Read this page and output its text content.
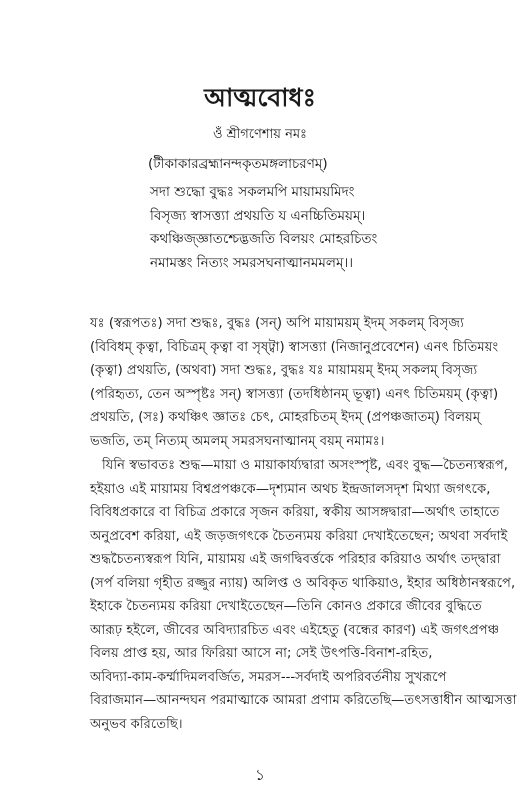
আত্মবোধঃ
ওঁ শ্রীগণেশায় নমঃ
(টীকাকারব্রহ্মানন্দকৃতমঙ্গলাচরণম্)
সদা শুদ্ধো বুদ্ধঃ সকলমপি মায়াময়মিদং
বিসৃজ্য স্বাসত্ত্যা প্রথয়তি য এনচ্চিতিময়ম্।
কথঞ্চিজ্জ্ঞাতশ্চেদ্ভজতি বিলয়ং মোহরচিতং
নমামস্তং নিত্যং সমরসঘনাত্মানমমলম্।।
যঃ (স্বরূপতঃ) সদা শুদ্ধঃ, বুদ্ধঃ (সন্) অপি মায়াময়ম্ ইদম্ সকলম্ বিসৃজ্য
(বিবিধম্ কৃত্বা, বিচিত্রম্ কৃত্বা বা সৃষ্ট্বা) স্বাসত্ত্যা (নিজানুপ্রবেশেন) এনৎ চিতিময়ং
(কৃত্বা) প্রথয়তি, (অথবা) সদা শুদ্ধঃ, বুদ্ধঃ যঃ মায়াময়ম্ ইদম্ সকলম্ বিসৃজ্য
(পরিহৃত্য, তেন অস্পৃষ্টঃ সন্) স্বাসত্ত্যা (তদধিষ্ঠানম্ ভূত্বা) এনৎ চিতিময়ম্ (কৃত্বা)
প্রথয়তি, (সঃ) কথঞ্চিৎ জ্ঞাতঃ চেৎ, মোহরচিতম্ ইদম্ (প্রপঞ্চজাতম্) বিলয়ম্
ভজতি, তম্ নিত্যম্ অমলম্ সমরসঘনাত্মানম্ বয়ম্ নমামঃ।
যিনি স্বভাবতঃ শুদ্ধ—মায়া ও মায়াকার্য্যদ্বারা অসংস্পৃষ্ট, এবং বুদ্ধ—চৈতন্যস্বরূপ,
হইয়াও এই মায়াময় বিশ্বপ্রপঞ্চকে—দৃশ্যমান অথচ ইন্দ্রজালসদৃশ মিথ্যা জগৎকে,
বিবিধপ্রকারে বা বিচিত্র প্রকারে সৃজন করিয়া, স্বকীয় আসঙ্গদ্বারা—অর্থাৎ তাহাতে
অনুপ্রবেশ করিয়া, এই জড়জগৎকে চৈতন্যময় করিয়া দেখাইতেছেন; অথবা সর্বদাই
শুদ্ধচৈতন্যস্বরূপ যিনি, মায়াময় এই জগদ্বিবর্ত্তকে পরিহার করিয়াও অর্থাৎ তদ্দ্বারা
(সর্প বলিয়া গৃহীত রজ্জুর ন্যায়) অলিপ্ত ও অবিকৃত থাকিয়াও, ইহার অধিষ্ঠানস্বরূপে,
ইহাকে চৈতন্যময় করিয়া দেখাইতেছেন—তিনি কোনও প্রকারে জীবের বুদ্ধিতে
আরূঢ় হইলে, জীবের অবিদ্যারচিত এবং এইহেতু (বন্ধের কারণ) এই জগৎপ্রপঞ্চ
বিলয় প্রাপ্ত হয়, আর ফিরিয়া আসে না; সেই উৎপত্তি-বিনাশ-রহিত,
অবিদ্যা-কাম-কর্ম্মাদিমলবর্জিত, সমরস---সর্বদাই অপরিবর্তনীয় সুখরূপে
বিরাজমান—আনন্দঘন পরমাত্মাকে আমরা প্রণাম করিতেছি—তৎসত্তাধীন আত্মসত্তা
অনুভব করিতেছি।
১
